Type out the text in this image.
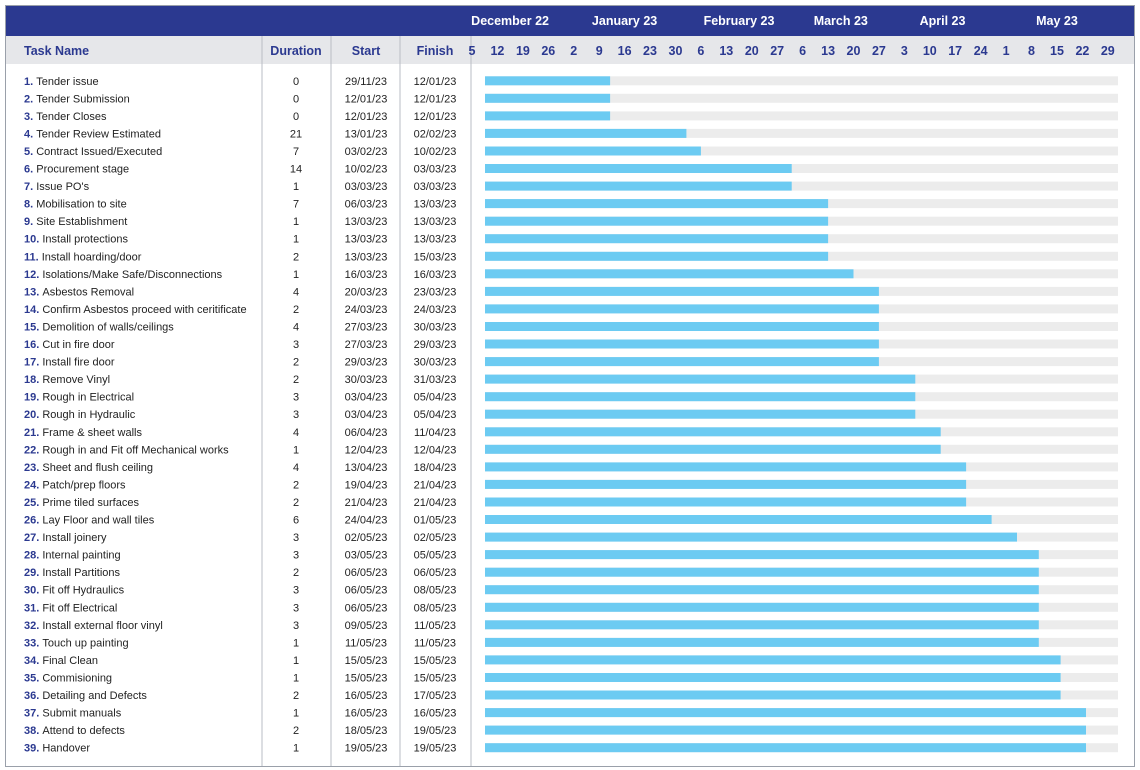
December 22	January 23	February 23	March 23	April 23	May 23
5 12 19 26 2 9 16 23 30 6 13 20 27 6 13 20 27 3 10 17 24 1 8 15 22 29
Task Name	Duration Start	Finish
1. Tender issue	0	29/11/23 12/01/23
2. Tender Submission	0	12/01/23 12/01/23
3. Tender Closes	0	12/01/23 12/01/23
4. Tender Review Estimated	21	13/01/23 02/02/23
5. Contract Issued/Executed	7	03/02/23 10/02/23
6. Procurement stage	14	10/02/23 03/03/23
7. Issue PO's	1	03/03/23 03/03/23
8. Mobilisation to site	7	06/03/23 13/03/23
9. Site Establishment	1	13/03/23 13/03/23
10. Install protections	1	13/03/23 13/03/23
11. Install hoarding/door	2	13/03/23 15/03/23
12. Isolations/Make Safe/Disconnections	1	16/03/23 16/03/23
13. Asbestos Removal	4	20/03/23 23/03/23
14. Confirm Asbestos proceed with ceritificate	2	24/03/23 24/03/23
15. Demolition of walls/ceilings	4	27/03/23 30/03/23
16. Cut in fire door	3	27/03/23 29/03/23
17. Install fire door	2	29/03/23 30/03/23
18. Remove Vinyl	2	30/03/23 31/03/23
19. Rough in Electrical	3	03/04/23 05/04/23
20. Rough in Hydraulic	3	03/04/23 05/04/23
21. Frame & sheet walls	4	06/04/23 11/04/23
22. Rough in and Fit off Mechanical works	1	12/04/23 12/04/23
23. Sheet and flush ceiling	4	13/04/23 18/04/23
24. Patch/prep floors	2	19/04/23 21/04/23
25. Prime tiled surfaces	2	21/04/23 21/04/23
26. Lay Floor and wall tiles	6	24/04/23 01/05/23
27. Install joinery	3	02/05/23 02/05/23
28. Internal painting	3	03/05/23 05/05/23
29. Install Partitions	2	06/05/23 06/05/23
30. Fit off Hydraulics	3	06/05/23 08/05/23
31. Fit off Electrical	3	06/05/23 08/05/23
32. Install external floor vinyl	3	09/05/23 11/05/23
33. Touch up painting	1	11/05/23 11/05/23
34. Final Clean	1	15/05/23 15/05/23
35. Commisioning	1	15/05/23 15/05/23
36. Detailing and Defects	2	16/05/23 17/05/23
37. Submit manuals	1	16/05/23 16/05/23
38. Attend to defects	2	18/05/23 19/05/23
39. Handover	1	19/05/23 19/05/23
